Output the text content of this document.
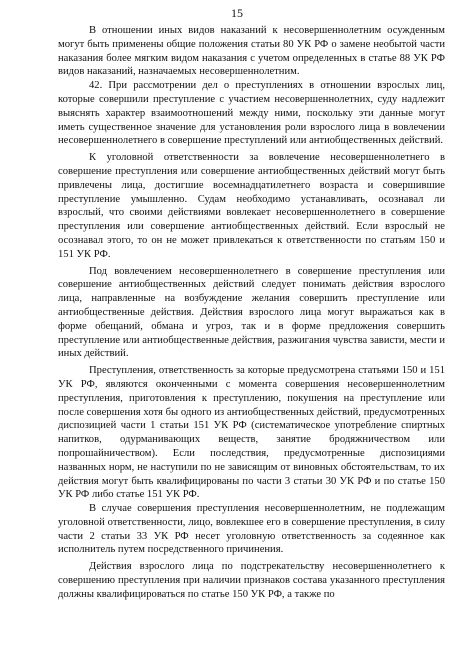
15

В отношении иных видов наказаний к несовершеннолетним осужденным могут быть применены общие положения статьи 80 УК РФ о замене необытой части наказания более мягким видом наказания с учетом определенных в статье 88 УК РФ видов наказаний, назначаемых несовершеннолетним.

42. При рассмотрении дел о преступлениях в отношении взрослых лиц, которые совершили преступление с участием несовершеннолетних, суду надлежит выяснять характер взаимоотношений между ними, поскольку эти данные могут иметь существенное значение для установления роли взрослого лица в вовлечении несовершеннолетнего в совершение преступлений или антиобщественных действий.

К уголовной ответственности за вовлечение несовершеннолетнего в совершение преступления или совершение антиобщественных действий могут быть привлечены лица, достигшие восемнадцатилетнего возраста и совершившие преступление умышленно. Судам необходимо устанавливать, осознавал ли взрослый, что своими действиями вовлекает несовершеннолетнего в совершение преступления или совершение антиобщественных действий. Если взрослый не осознавал этого, то он не может привлекаться к ответственности по статьям 150 и 151 УК РФ.

Под вовлечением несовершеннолетнего в совершение преступления или совершение антиобщественных действий следует понимать действия взрослого лица, направленные на возбуждение желания совершить преступление или антиобщественные действия. Действия взрослого лица могут выражаться как в форме обещаний, обмана и угроз, так и в форме предложения совершить преступление или антиобщественные действия, разжигания чувства зависти, мести и иных действий.

Преступления, ответственность за которые предусмотрена статьями 150 и 151 УК РФ, являются оконченными с момента совершения несовершеннолетним преступления, приготовления к преступлению, покушения на преступление или после совершения хотя бы одного из антиобщественных действий, предусмотренных диспозицией части 1 статьи 151 УК РФ (систематическое употребление спиртных напитков, одурманивающих веществ, занятие бродяжничеством или попрошайничеством). Если последствия, предусмотренные диспозициями названных норм, не наступили по не зависящим от виновных обстоятельствам, то их действия могут быть квалифицированы по части 3 статьи 30 УК РФ и по статье 150 УК РФ либо статье 151 УК РФ.

В случае совершения преступления несовершеннолетним, не подлежащим уголовной ответственности, лицо, вовлекшее его в совершение преступления, в силу части 2 статьи 33 УК РФ несет уголовную ответственность за содеянное как исполнитель путем посредственного причинения.

Действия взрослого лица по подстрекательству несовершеннолетнего к совершению преступления при наличии признаков состава указанного преступления должны квалифицироваться по статье 150 УК РФ, а также по
